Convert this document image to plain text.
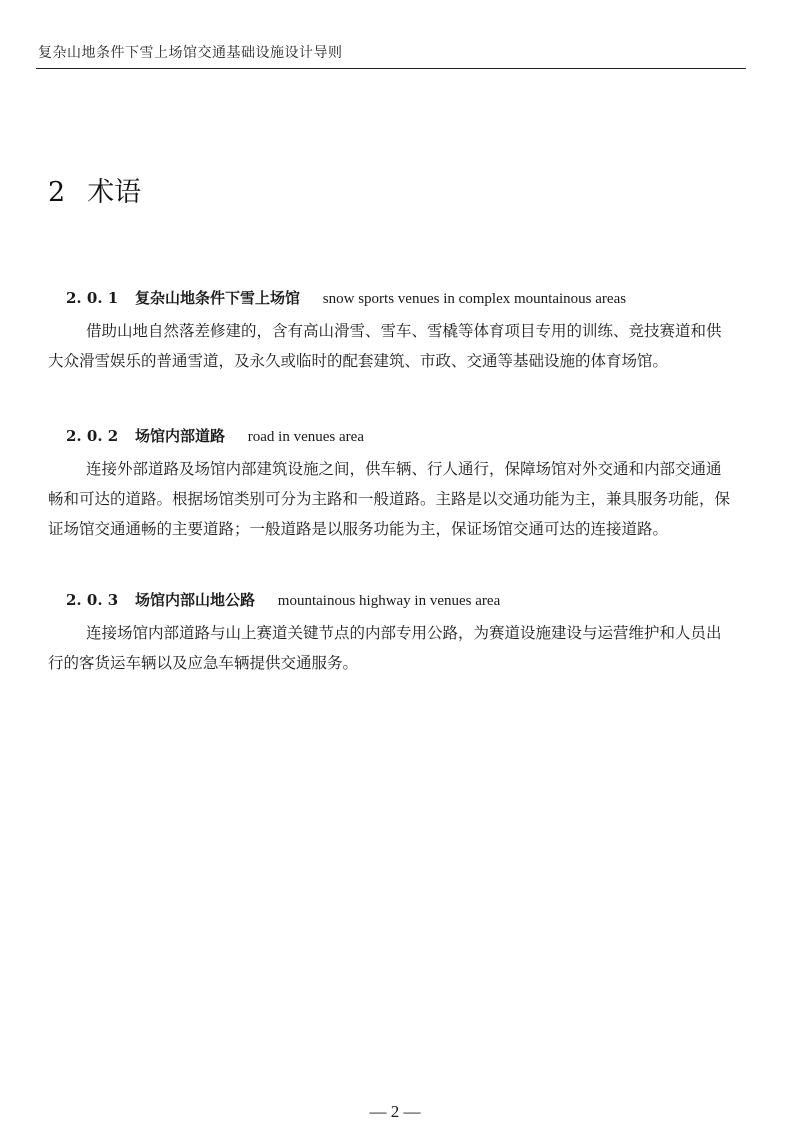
复杂山地条件下雪上场馆交通基础设施设计导则
2 术语
2. 0. 1 复杂山地条件下雪上场馆 snow sports venues in complex mountainous areas
借助山地自然落差修建的，含有高山滑雪、雪车、雪橇等体育项目专用的训练、竞技赛道和供大众滑雪娱乐的普通雪道，及永久或临时的配套建筑、市政、交通等基础设施的体育场馆。
2. 0. 2 场馆内部道路 road in venues area
连接外部道路及场馆内部建筑设施之间，供车辆、行人通行，保障场馆对外交通和内部交通通畅和可达的道路。根据场馆类别可分为主路和一般道路。主路是以交通功能为主，兼具服务功能，保证场馆交通通畅的主要道路；一般道路是以服务功能为主，保证场馆交通可达的连接道路。
2. 0. 3 场馆内部山地公路 mountainous highway in venues area
连接场馆内部道路与山上赛道关键节点的内部专用公路，为赛道设施建设与运营维护和人员出行的客货运车辆以及应急车辆提供交通服务。
— 2 —
